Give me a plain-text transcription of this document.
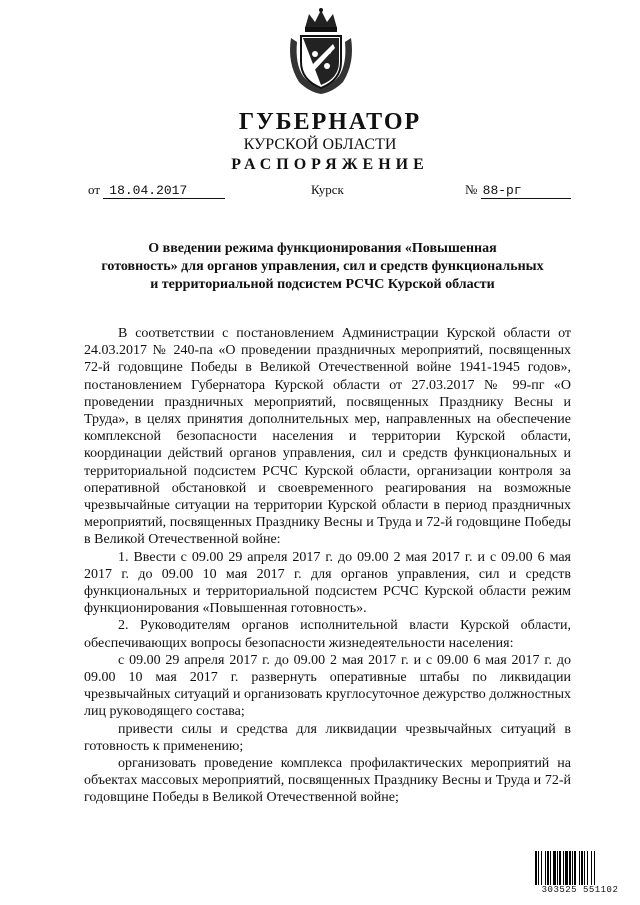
ГУБЕРНАТОР
КУРСКОЙ ОБЛАСТИ
РАСПОРЯЖЕНИЕ
от 18.04.2017	Курск	№ 88-рг
О введении режима функционирования «Повышенная
готовность» для органов управления, сил и средств функциональных
и территориальной подсистем РСЧС Курской области

В соответствии с постановлением Администрации Курской области от 24.03.2017 № 240-па «О проведении праздничных мероприятий, посвященных 72-й годовщине Победы в Великой Отечественной войне 1941-1945 годов», постановлением Губернатора Курской области от 27.03.2017 № 99-пг «О проведении праздничных мероприятий, посвященных Празднику Весны и Труда», в целях принятия дополнительных мер, направленных на обеспечение комплексной безопасности населения и территории Курской области, координации действий органов управления, сил и средств функциональных и территориальной подсистем РСЧС Курской области, организации контроля за оперативной обстановкой и своевременного реагирования на возможные чрезвычайные ситуации на территории Курской области в период праздничных мероприятий, посвященных Празднику Весны и Труда и 72-й годовщине Победы в Великой Отечественной войне:

1. Ввести с 09.00 29 апреля 2017 г. до 09.00 2 мая 2017 г. и с 09.00 6 мая 2017 г. до 09.00 10 мая 2017 г. для органов управления, сил и средств функциональных и территориальной подсистем РСЧС Курской области режим функционирования «Повышенная готовность».

2. Руководителям органов исполнительной власти Курской области, обеспечивающих вопросы безопасности жизнедеятельности населения:

с 09.00 29 апреля 2017 г. до 09.00 2 мая 2017 г. и с 09.00 6 мая 2017 г. до 09.00 10 мая 2017 г. развернуть оперативные штабы по ликвидации чрезвычайных ситуаций и организовать круглосуточное дежурство должностных лиц руководящего состава;

привести силы и средства для ликвидации чрезвычайных ситуаций в готовность к применению;

организовать проведение комплекса профилактических мероприятий на объектах массовых мероприятий, посвященных Празднику Весны и Труда и 72-й годовщине Победы в Великой Отечественной войне;

303525 551102
